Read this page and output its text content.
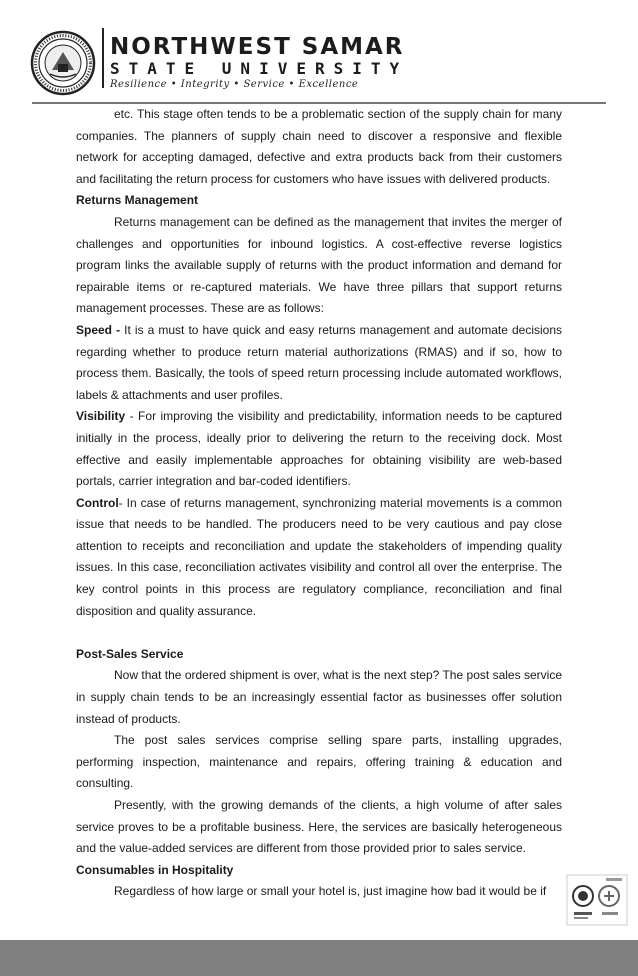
NORTHWEST SAMAR
STATE UNIVERSITY
Resilience • Integrity • Service • Excellence

etc. This stage often tends to be a problematic section of the supply chain for many companies. The planners of supply chain need to discover a responsive and flexible network for accepting damaged, defective and extra products back from their customers and facilitating the return process for customers who have issues with delivered products.

Returns Management

Returns management can be defined as the management that invites the merger of challenges and opportunities for inbound logistics. A cost-effective reverse logistics program links the available supply of returns with the product information and demand for repairable items or re-captured materials. We have three pillars that support returns management processes. These are as follows:

Speed - It is a must to have quick and easy returns management and automate decisions regarding whether to produce return material authorizations (RMAS) and if so, how to process them. Basically, the tools of speed return processing include automated workflows, labels & attachments and user profiles.

Visibility - For improving the visibility and predictability, information needs to be captured initially in the process, ideally prior to delivering the return to the receiving dock. Most effective and easily implementable approaches for obtaining visibility are web-based portals, carrier integration and bar-coded identifiers.

Control- In case of returns management, synchronizing material movements is a common issue that needs to be handled. The producers need to be very cautious and pay close attention to receipts and reconciliation and update the stakeholders of impending quality issues. In this case, reconciliation activates visibility and control all over the enterprise. The key control points in this process are regulatory compliance, reconciliation and final disposition and quality assurance.

Post-Sales Service

Now that the ordered shipment is over, what is the next step? The post sales service in supply chain tends to be an increasingly essential factor as businesses offer solution instead of products.

The post sales services comprise selling spare parts, installing upgrades, performing inspection, maintenance and repairs, offering training & education and consulting.

Presently, with the growing demands of the clients, a high volume of after sales service proves to be a profitable business. Here, the services are basically heterogeneous and the value-added services are different from those provided prior to sales service.

Consumables in Hospitality

Regardless of how large or small your hotel is, just imagine how bad it would be if
